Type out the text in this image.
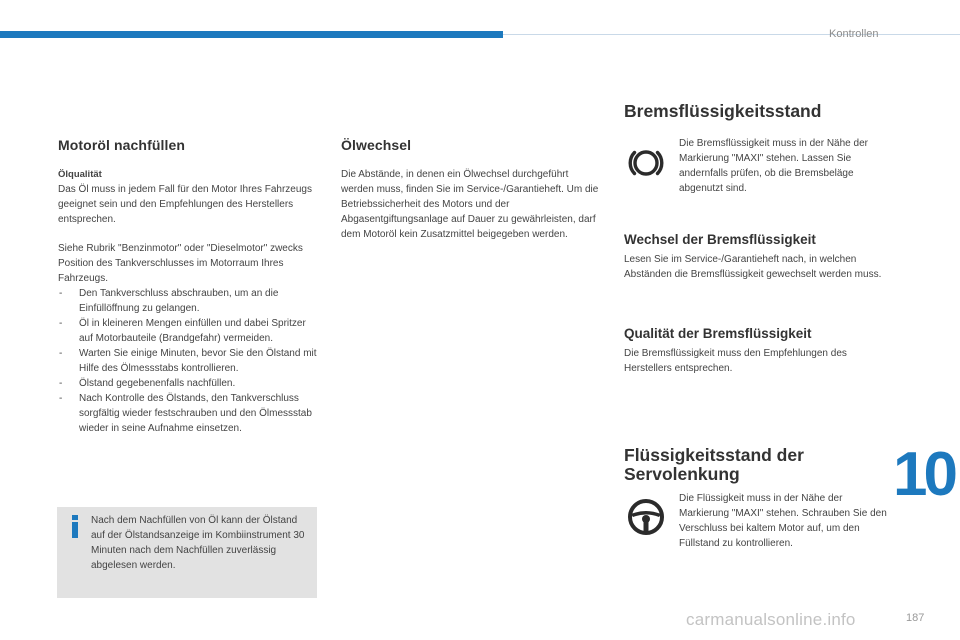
Kontrollen
Motoröl nachfüllen

Ölqualität
Das Öl muss in jedem Fall für den Motor Ihres Fahrzeugs geeignet sein und den Empfehlungen des Herstellers entsprechen.

Siehe Rubrik "Benzinmotor" oder "Dieselmotor" zwecks Position des Tankverschlusses im Motorraum Ihres Fahrzeugs.

- Den Tankverschluss abschrauben, um an die Einfüllöffnung zu gelangen.
- Öl in kleineren Mengen einfüllen und dabei Spritzer auf Motorbauteile (Brandgefahr) vermeiden.
- Warten Sie einige Minuten, bevor Sie den Ölstand mit Hilfe des Ölmessstabs kontrollieren.
- Ölstand gegebenenfalls nachfüllen.
- Nach Kontrolle des Ölstands, den Tankverschluss sorgfältig wieder festschrauben und den Ölmessstab wieder in seine Aufnahme einsetzen.

Nach dem Nachfüllen von Öl kann der Ölstand auf der Ölstandsanzeige im Kombiinstrument 30 Minuten nach dem Nachfüllen zuverlässig abgelesen werden.

Ölwechsel

Die Abstände, in denen ein Ölwechsel durchgeführt werden muss, finden Sie im Service-/Garantieheft. Um die Betriebssicherheit des Motors und der Abgasentgiftungsanlage auf Dauer zu gewährleisten, darf dem Motoröl kein Zusatzmittel beigegeben werden.

Bremsflüssigkeitsstand

Die Bremsflüssigkeit muss in der Nähe der Markierung "MAXI" stehen. Lassen Sie andernfalls prüfen, ob die Bremsbeläge abgenutzt sind.

Wechsel der Bremsflüssigkeit

Lesen Sie im Service-/Garantieheft nach, in welchen Abständen die Bremsflüssigkeit gewechselt werden muss.

Qualität der Bremsflüssigkeit

Die Bremsflüssigkeit muss den Empfehlungen des Herstellers entsprechen.

Flüssigkeitsstand der
Servolenkung

Die Flüssigkeit muss in der Nähe der Markierung "MAXI" stehen. Schrauben Sie den Verschluss bei kaltem Motor auf, um den Füllstand zu kontrollieren.

10
carmanualsonline.info	187
